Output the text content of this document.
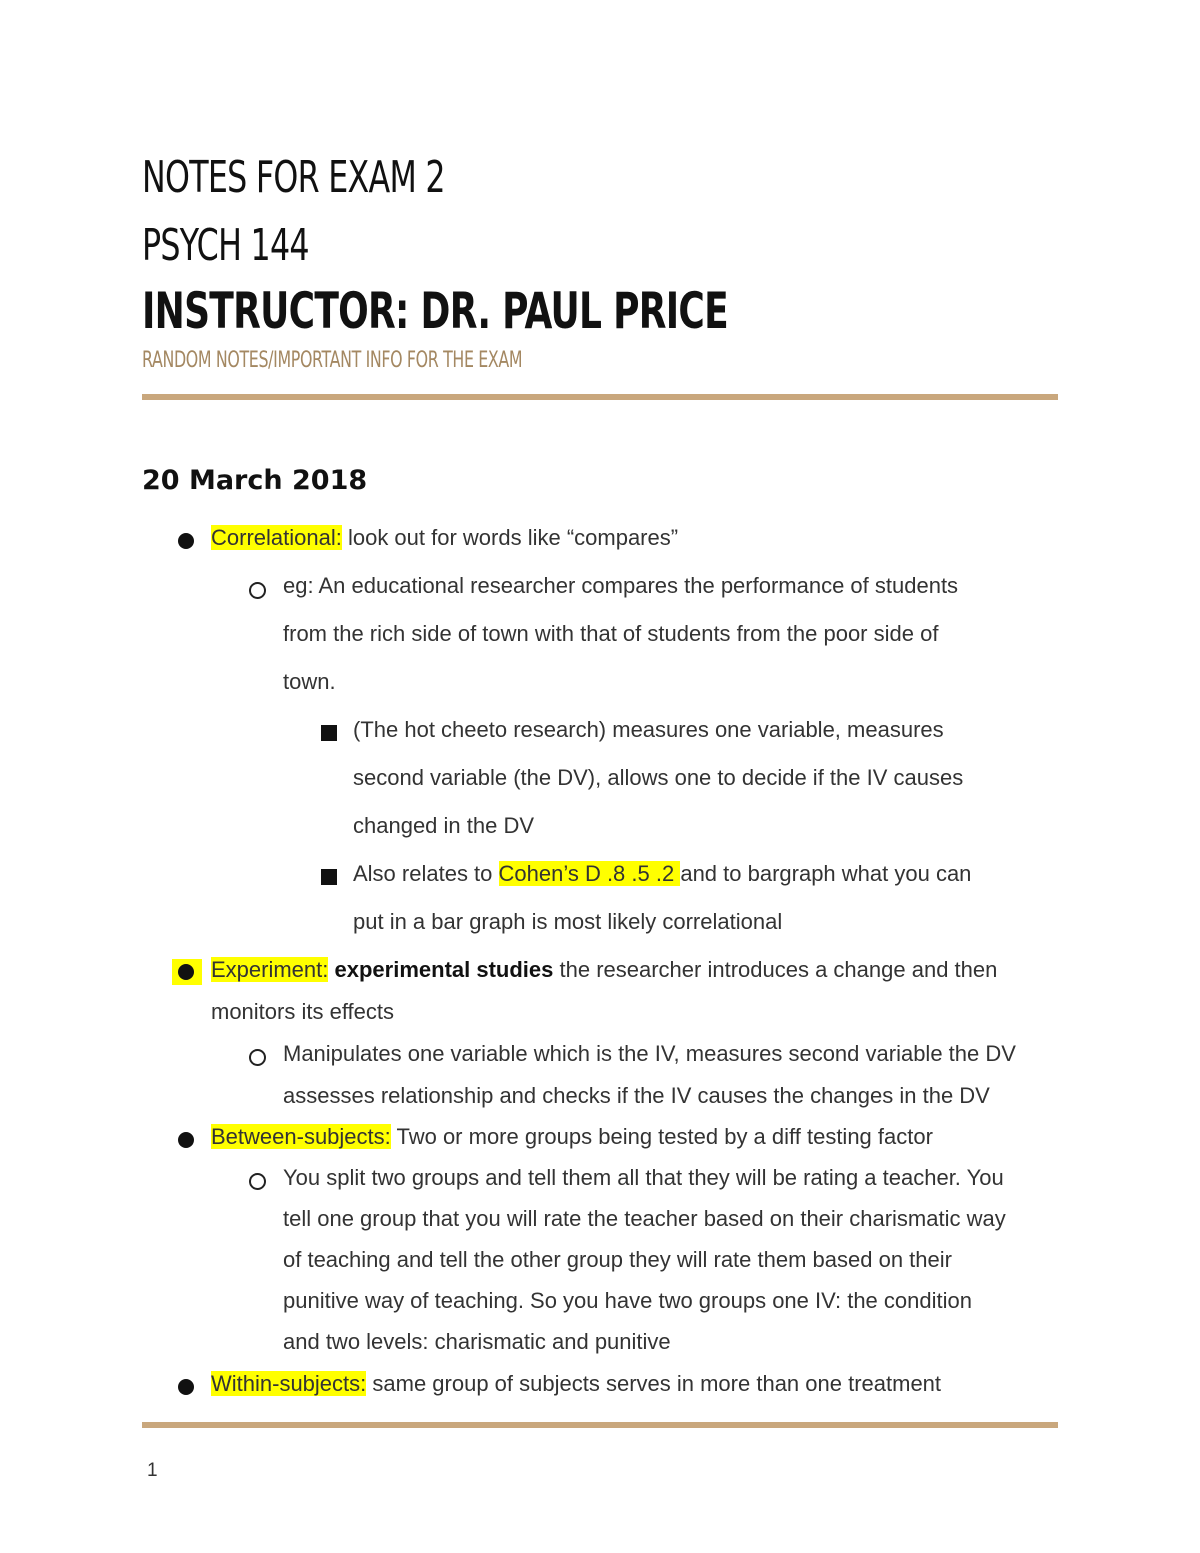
NOTES FOR EXAM 2
PSYCH 144
INSTRUCTOR: DR. PAUL PRICE
RANDOM NOTES/IMPORTANT INFO FOR THE EXAM
20 March 2018
Correlational: look out for words like “compares”
eg: An educational researcher compares the performance of students
from the rich side of town with that of students from the poor side of
town.
(The hot cheeto research) measures one variable, measures
second variable (the DV), allows one to decide if the IV causes
changed in the DV
Also relates to Cohen’s D .8 .5 .2 and to bargraph what you can
put in a bar graph is most likely correlational
Experiment: experimental studies the researcher introduces a change and then
monitors its effects
Manipulates one variable which is the IV, measures second variable the DV
assesses relationship and checks if the IV causes the changes in the DV
Between-subjects: Two or more groups being tested by a diff testing factor
You split two groups and tell them all that they will be rating a teacher. You
tell one group that you will rate the teacher based on their charismatic way
of teaching and tell the other group they will rate them based on their
punitive way of teaching. So you have two groups one IV: the condition
and two levels: charismatic and punitive
Within-subjects: same group of subjects serves in more than one treatment
1
